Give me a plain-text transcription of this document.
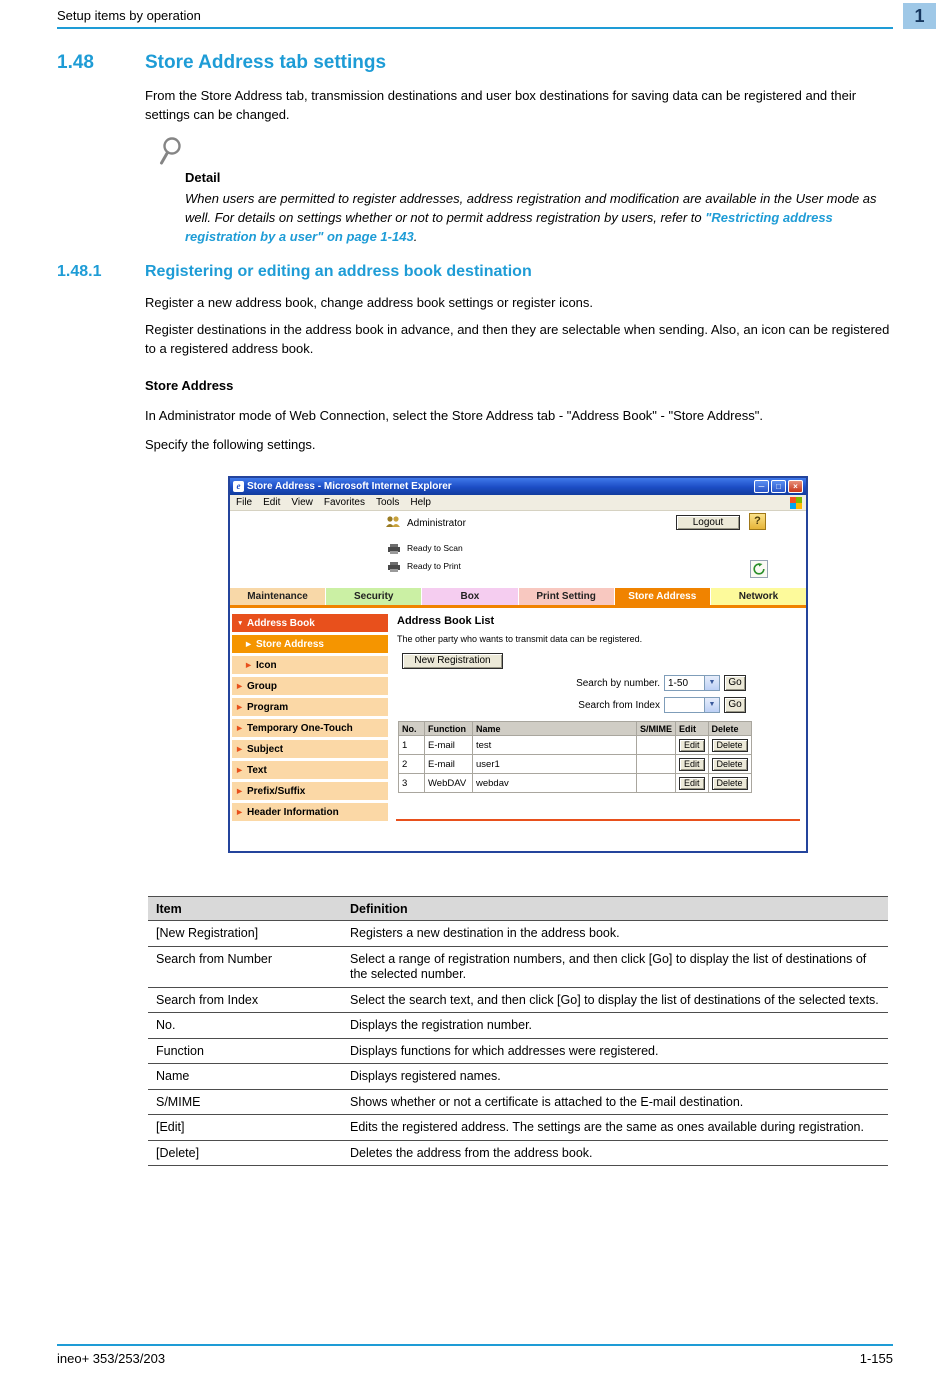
Setup items by operation	1
1.48	Store Address tab settings
From the Store Address tab, transmission destinations and user box destinations for saving data can be registered and their settings can be changed.
Detail
When users are permitted to register addresses, address registration and modification are available in the User mode as well. For details on settings whether or not to permit address registration by users, refer to "Restricting address registration by a user" on page 1-143.
1.48.1	Registering or editing an address book destination
Register a new address book, change address book settings or register icons.
Register destinations in the address book in advance, and then they are selectable when sending. Also, an icon can be registered to a registered address book.
Store Address
In Administrator mode of Web Connection, select the Store Address tab - "Address Book" - "Store Address".
Specify the following settings.
e Store Address - Microsoft Internet Explorer	─	□	×
File Edit View Favorites Tools Help
Administrator	Logout	?
Ready to Scan
Ready to Print
Maintenance	Security	Box	Print Setting	Store Address	Network
▼ Address Book
▶ Store Address
▶ Icon
▶ Group
▶ Program
▶ Temporary One-Touch
▶ Subject
▶ Text
▶ Prefix/Suffix
▶ Header Information
Address Book List
The other party who wants to transmit data can be registered.
New Registration
Search by number. 1-50	▼	Go
Search from Index	▼	Go
No.	Function	Name	S/MIME	Edit	Delete
1	E-mail	test		Edit	Delete
2	E-mail	user1		Edit	Delete
3	WebDAV	webdav		Edit	Delete
Item	Definition
[New Registration]	Registers a new destination in the address book.
Search from Number	Select a range of registration numbers, and then click [Go] to display the list of destinations of the selected number.
Search from Index	Select the search text, and then click [Go] to display the list of destinations of the selected texts.
No.	Displays the registration number.
Function	Displays functions for which addresses were registered.
Name	Displays registered names.
S/MIME	Shows whether or not a certificate is attached to the E-mail destination.
[Edit]	Edits the registered address. The settings are the same as ones available during registration.
[Delete]	Deletes the address from the address book.
ineo+ 353/253/203	1-155
